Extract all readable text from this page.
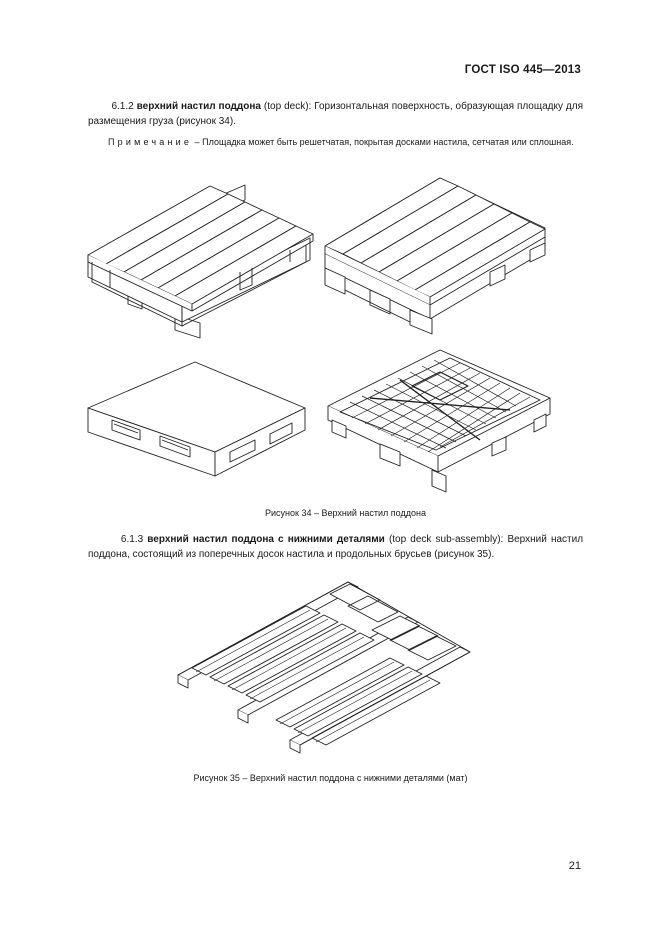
ГОСТ ISO 445—2013
6.1.2 верхний настил поддона (top deck): Горизонтальная поверхность, образующая площадку для размещения груза (рисунок 34).
Примечание – Площадка может быть решетчатая, покрытая досками настила, сетчатая или сплошная.
Рисунок 34 – Верхний настил поддона
6.1.3 верхний настил поддона с нижними деталями (top deck sub-assembly): Верхний настил поддона, состоящий из поперечных досок настила и продольных брусьев (рисунок 35).
Рисунок 35 – Верхний настил поддона с нижними деталями (мат)
21
